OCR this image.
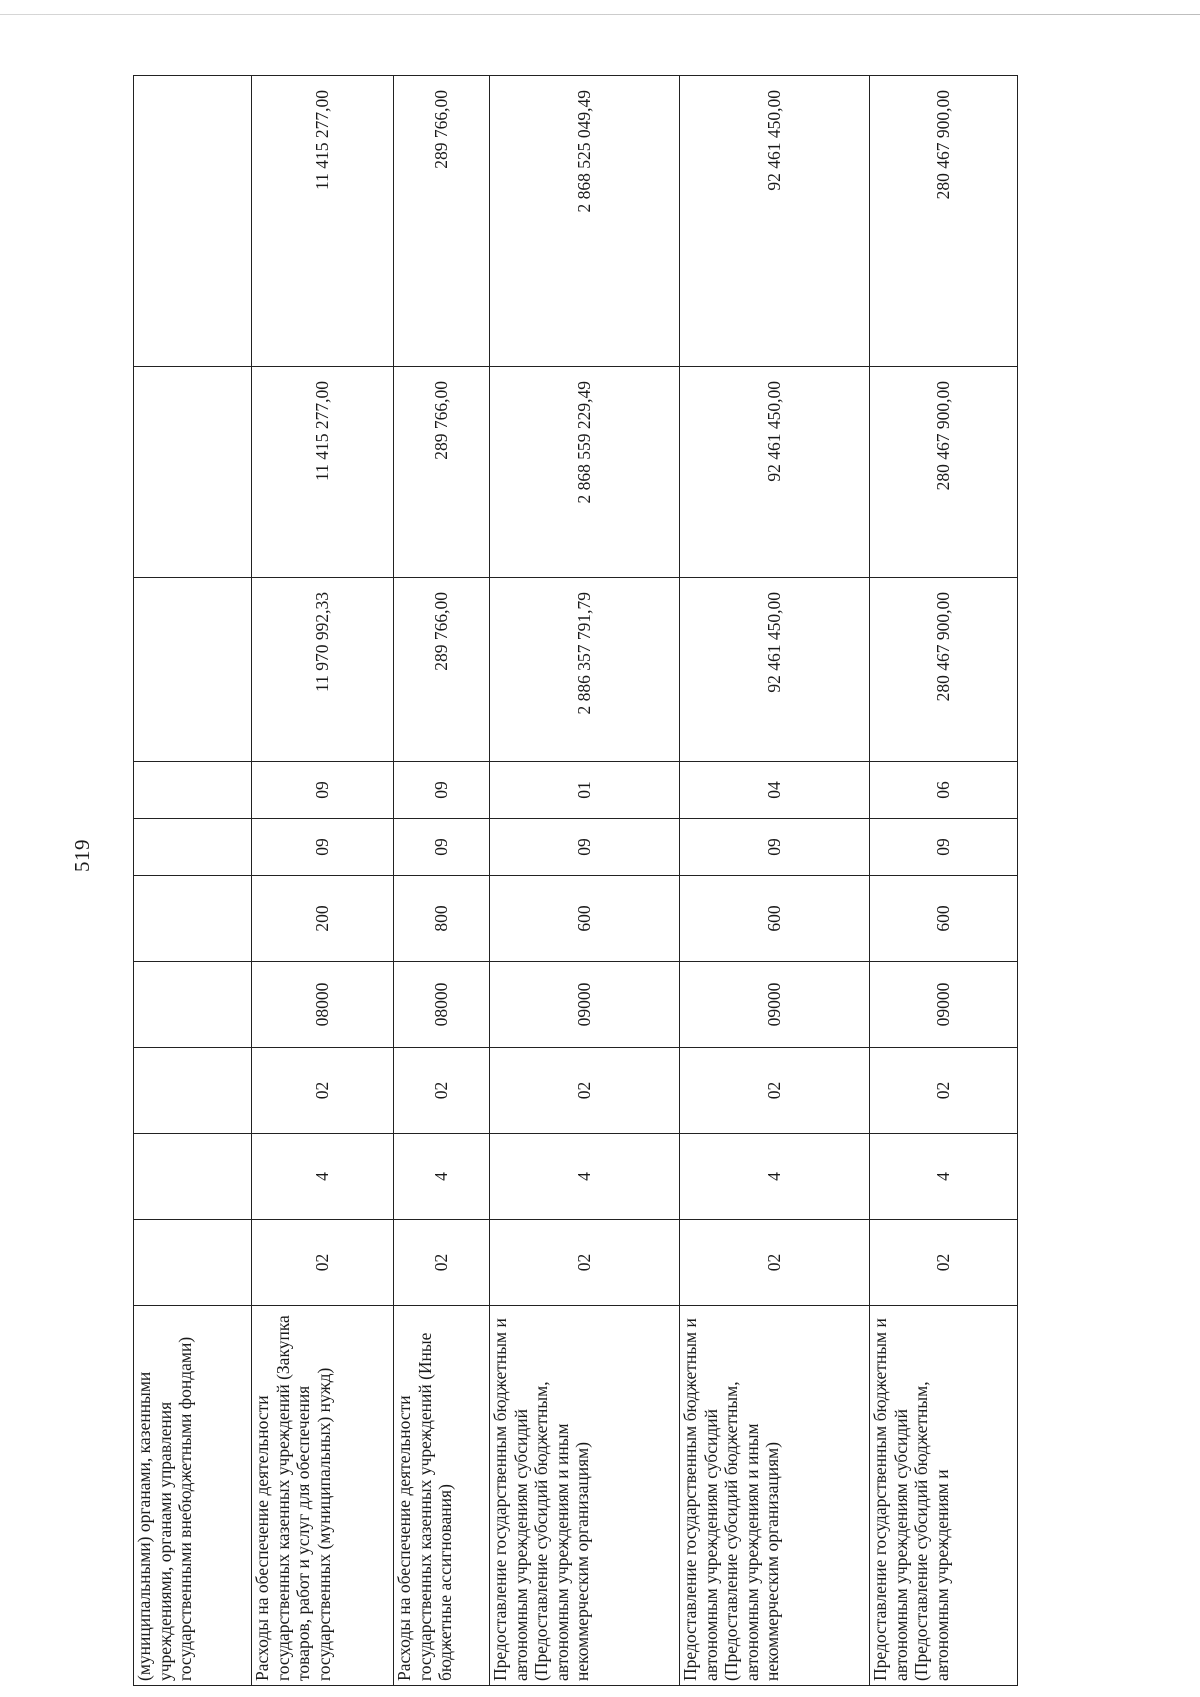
519
(муниципальными) органами, казенными учреждениями, органами управления государственными внебюджетными фондами)										
Расходы на обеспечение деятельности государственных казенных учреждений (Закупка товаров, работ и услуг для обеспечения государственных (муниципальных) нужд)	02	4	02	08000	200	09	09	11 970 992,33	11 415 277,00	11 415 277,00
Расходы на обеспечение деятельности государственных казенных учреждений (Иные бюджетные ассигнования)	02	4	02	08000	800	09	09	289 766,00	289 766,00	289 766,00
Предоставление государственным бюджетным и автономным учреждениям субсидий (Предоставление субсидий бюджетным, автономным учреждениям и иным некоммерческим организациям)	02	4	02	09000	600	09	01	2 886 357 791,79	2 868 559 229,49	2 868 525 049,49
Предоставление государственным бюджетным и автономным учреждениям субсидий (Предоставление субсидий бюджетным, автономным учреждениям и иным некоммерческим организациям)	02	4	02	09000	600	09	04	92 461 450,00	92 461 450,00	92 461 450,00
Предоставление государственным бюджетным и автономным учреждениям субсидий (Предоставление субсидий бюджетным, автономным учреждениям и	02	4	02	09000	600	09	06	280 467 900,00	280 467 900,00	280 467 900,00
